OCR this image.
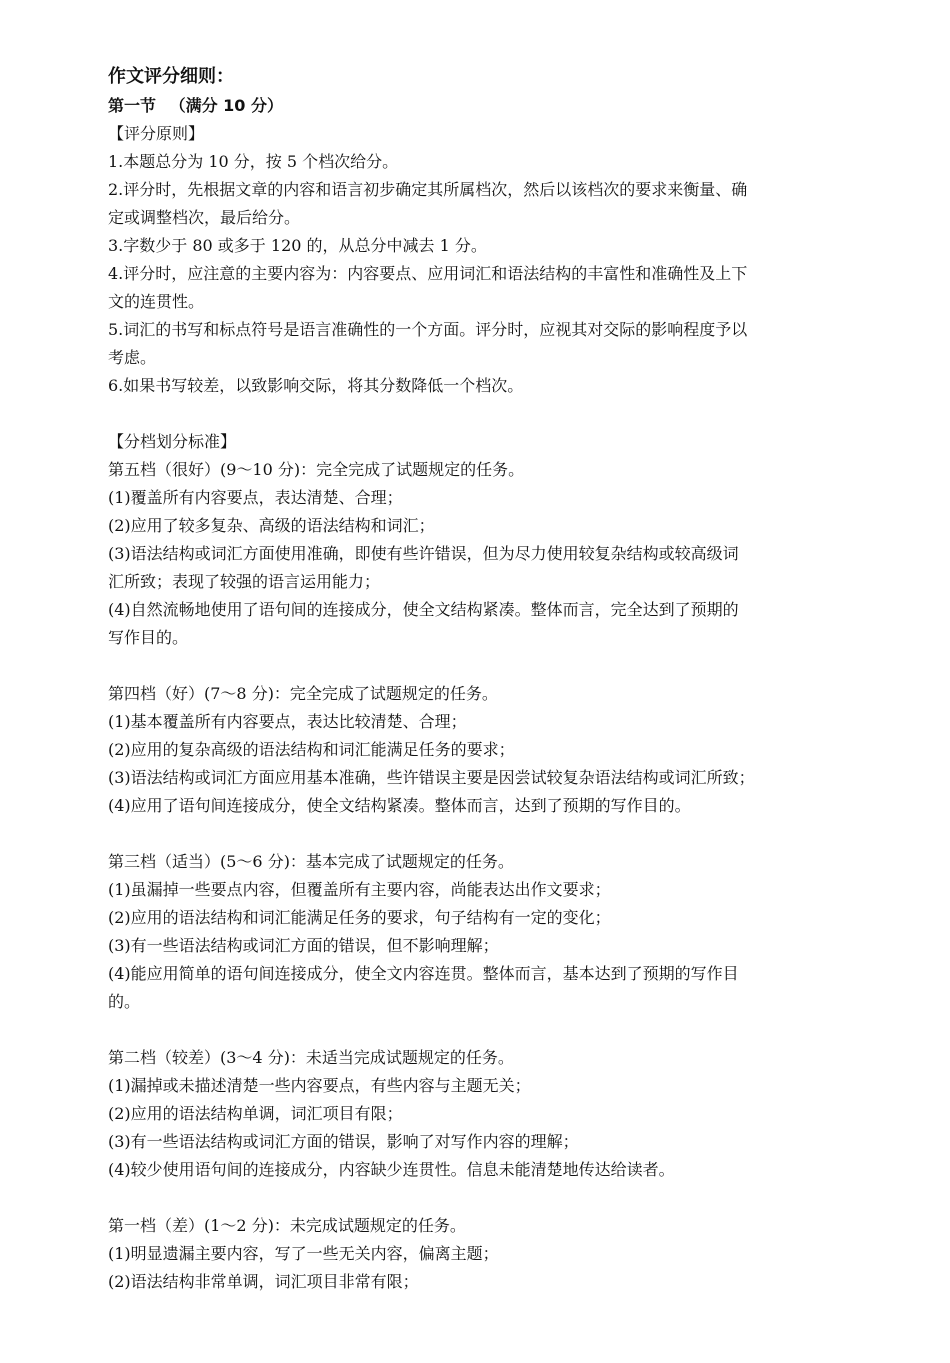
作文评分细则：
第一节 　（满分 10 分）
【评分原则】
1.本题总分为 10 分，按 5 个档次给分。
2.评分时，先根据文章的内容和语言初步确定其所属档次，然后以该档次的要求来衡量、确
定或调整档次，最后给分。
3.字数少于 80 或多于 120 的，从总分中减去 1 分。
4.评分时，应注意的主要内容为：内容要点、应用词汇和语法结构的丰富性和准确性及上下
文的连贯性。
5.词汇的书写和标点符号是语言准确性的一个方面。评分时，应视其对交际的影响程度予以
考虑。
6.如果书写较差，以致影响交际，将其分数降低一个档次。
【分档划分标准】
第五档（很好）(9～10 分)：完全完成了试题规定的任务。
(1)覆盖所有内容要点，表达清楚、合理；
(2)应用了较多复杂、高级的语法结构和词汇；
(3)语法结构或词汇方面使用准确，即使有些许错误，但为尽力使用较复杂结构或较高级词
汇所致；表现了较强的语言运用能力；
(4)自然流畅地使用了语句间的连接成分，使全文结构紧凑。整体而言，完全达到了预期的
写作目的。
第四档（好）(7～8 分)：完全完成了试题规定的任务。
(1)基本覆盖所有内容要点，表达比较清楚、合理；
(2)应用的复杂高级的语法结构和词汇能满足任务的要求；
(3)语法结构或词汇方面应用基本准确，些许错误主要是因尝试较复杂语法结构或词汇所致；
(4)应用了语句间连接成分，使全文结构紧凑。整体而言，达到了预期的写作目的。
第三档（适当）(5～6 分)：基本完成了试题规定的任务。
(1)虽漏掉一些要点内容，但覆盖所有主要内容，尚能表达出作文要求；
(2)应用的语法结构和词汇能满足任务的要求，句子结构有一定的变化；
(3)有一些语法结构或词汇方面的错误，但不影响理解；
(4)能应用简单的语句间连接成分，使全文内容连贯。整体而言，基本达到了预期的写作目
的。
第二档（较差）(3～4 分)：未适当完成试题规定的任务。
(1)漏掉或未描述清楚一些内容要点，有些内容与主题无关；
(2)应用的语法结构单调，词汇项目有限；
(3)有一些语法结构或词汇方面的错误，影响了对写作内容的理解；
(4)较少使用语句间的连接成分，内容缺少连贯性。信息未能清楚地传达给读者。
第一档（差）(1～2 分)：未完成试题规定的任务。
(1)明显遗漏主要内容，写了一些无关内容，偏离主题；
(2)语法结构非常单调，词汇项目非常有限；
